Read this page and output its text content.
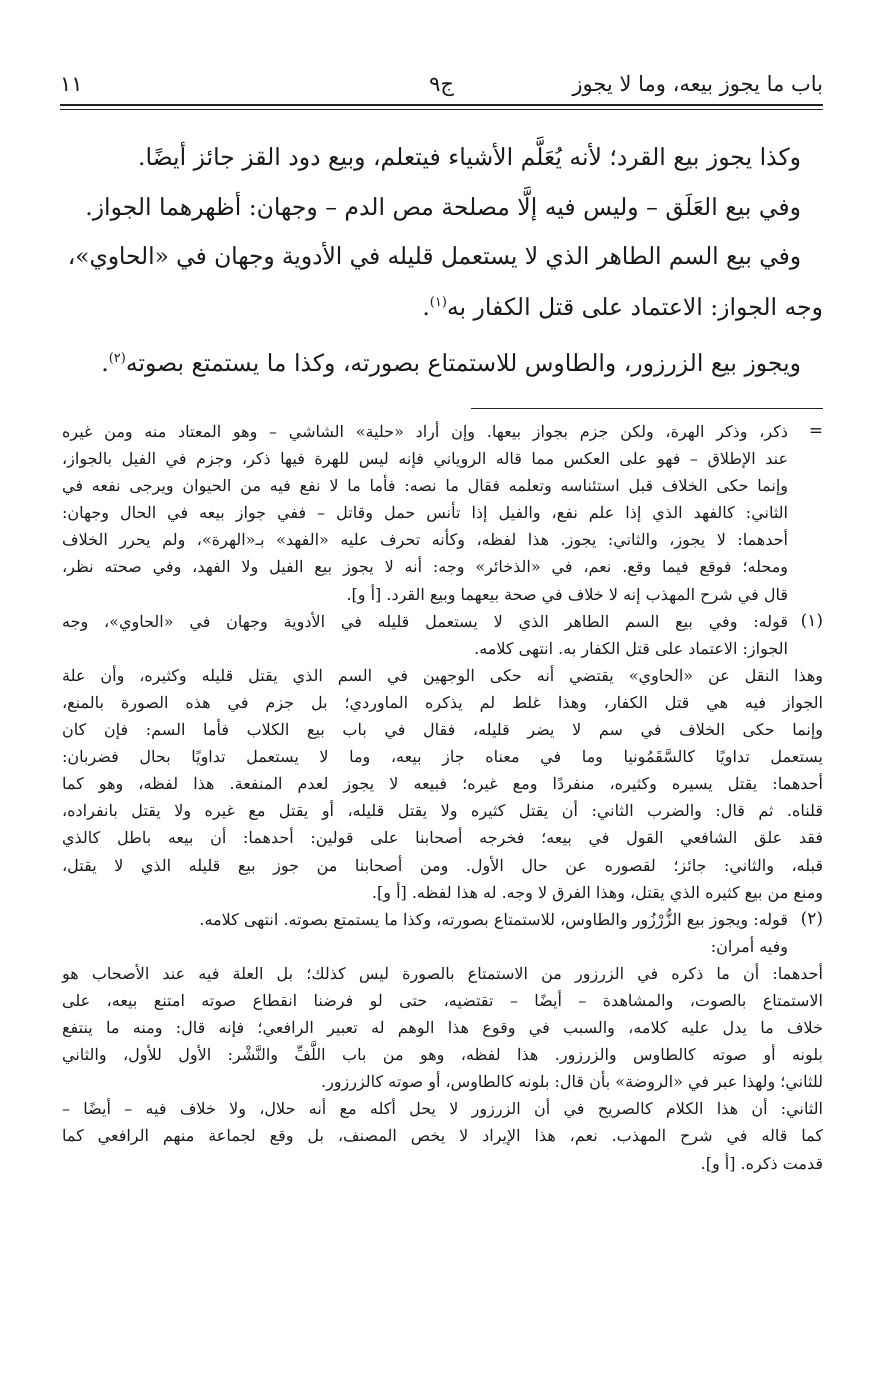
باب ما يجوز بيعه، وما لا يجوز
ج٩
١١

وكذا يجوز بيع القرد؛ لأنه يُعَلَّم الأشياء فيتعلم، وبيع دود القز جائز أيضًا.

وفي بيع العَلَق – وليس فيه إلَّا مصلحة مص الدم – وجهان: أظهرهما الجواز.

وفي بيع السم الطاهر الذي لا يستعمل قليله في الأدوية وجهان في «الحاوي»،

وجه الجواز: الاعتماد على قتل الكفار به$^{(١)}$.

ويجوز بيع الزرزور، والطاوس للاستمتاع بصورته، وكذا ما يستمتع بصوته$^{(٢)}$.

=
ذكر، وذكر الهرة، ولكن جزم بجواز بيعها. وإن أراد «حلية» الشاشي – وهو المعتاد منه ومن غيره
عند الإطلاق – فهو على العكس مما قاله الروياني فإنه ليس للهرة فيها ذكر، وجزم في الفيل بالجواز،
وإنما حكى الخلاف قبل استئناسه وتعلمه فقال ما نصه: فأما ما لا نفع فيه من الحيوان ويرجى نفعه في
الثاني: كالفهد الذي إذا علم نفع، والفيل إذا تأنس حمل وقاتل – ففي جواز بيعه في الحال وجهان:
أحدهما: لا يجوز، والثاني: يجوز. هذا لفظه، وكأنه تحرف عليه «الفهد» بـ«الهرة»، ولم يحرر الخلاف
ومحله؛ فوقع فيما وقع. نعم، في «الذخائر» وجه: أنه لا يجوز بيع الفيل ولا الفهد، وفي صحته نظر،
قال في شرح المهذب إنه لا خلاف في صحة بيعهما وبيع القرد. [أ و].
(١)
قوله: وفي بيع السم الطاهر الذي لا يستعمل قليله في الأدوية وجهان في «الحاوي»، وجه
الجواز: الاعتماد على قتل الكفار به. انتهى كلامه.
وهذا النقل عن «الحاوي» يقتضي أنه حكى الوجهين في السم الذي يقتل قليله وكثيره، وأن علة
الجواز فيه هي قتل الكفار، وهذا غلط لم يذكره الماوردي؛ بل جزم في هذه الصورة بالمنع،
وإنما حكى الخلاف في سم لا يضر قليله، فقال في باب بيع الكلاب فأما السم: فإن كان
يستعمل تداويًا كالسَّقَمُونيا وما في معناه جاز بيعه، وما لا يستعمل تداويًا بحال فضربان:
أحدهما: يقتل يسيره وكثيره، منفردًا ومع غيره؛ فبيعه لا يجوز لعدم المنفعة. هذا لفظه، وهو كما
قلناه. ثم قال: والضرب الثاني: أن يقتل كثيره ولا يقتل قليله، أو يقتل مع غيره ولا يقتل بانفراده،
فقد علق الشافعي القول في بيعه؛ فخرجه أصحابنا على قولين: أحدهما: أن بيعه باطل كالذي
قبله، والثاني: جائز؛ لقصوره عن حال الأول. ومن أصحابنا من جوز بيع قليله الذي لا يقتل،
ومنع من بيع كثيره الذي يقتل، وهذا الفرق لا وجه. له هذا لفظه. [أ و].
(٢)
قوله: ويجوز بيع الزُّرْزُور والطاوس، للاستمتاع بصورته، وكذا ما يستمتع بصوته. انتهى كلامه.
وفيه أمران:
أحدهما: أن ما ذكره في الزرزور من الاستمتاع بالصورة ليس كذلك؛ بل العلة فيه عند الأصحاب هو
الاستمتاع بالصوت، والمشاهدة – أيضًا – تقتضيه، حتى لو فرضنا انقطاع صوته امتنع بيعه، على
خلاف ما يدل عليه كلامه، والسبب في وقوع هذا الوهم له تعبير الرافعي؛ فإنه قال: ومنه ما ينتفع
بلونه أو صوته كالطاوس والزرزور. هذا لفظه، وهو من باب اللَّفِّ والنَّشْر: الأول للأول، والثاني
للثاني؛ ولهذا عبر في «الروضة» بأن قال: بلونه كالطاوس، أو صوته كالزرزور.
الثاني: أن هذا الكلام كالصريح في أن الزرزور لا يحل أكله مع أنه حلال، ولا خلاف فيه – أيضًا –
كما قاله في شرح المهذب. نعم، هذا الإيراد لا يخص المصنف، بل وقع لجماعة منهم الرافعي كما
قدمت ذكره. [أ و].
